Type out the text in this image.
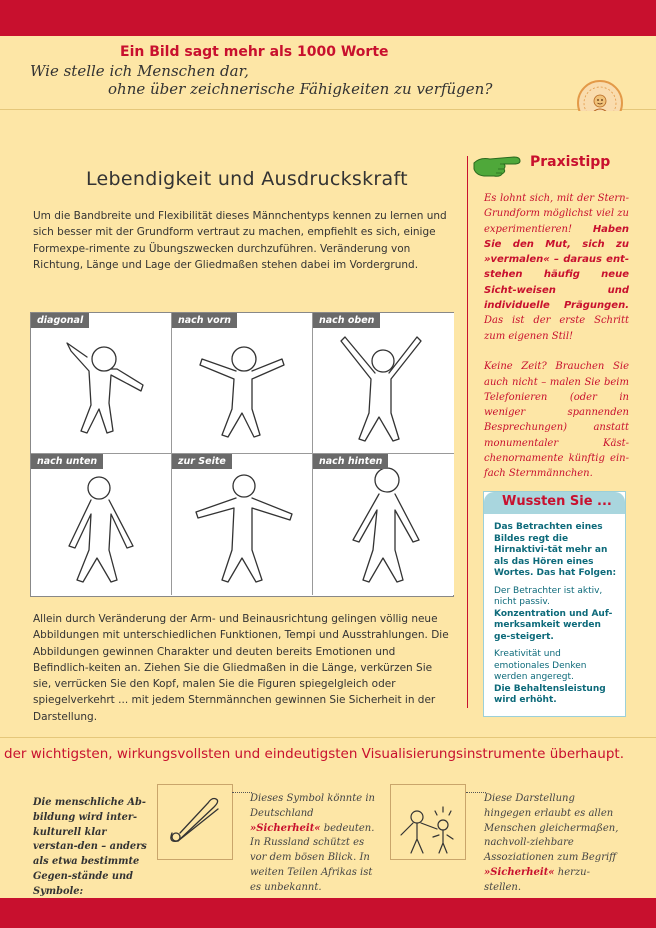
Ein Bild sagt mehr als 1000 Worte
Wie stelle ich Menschen dar,
ohne über zeichnerische Fähigkeiten zu verfügen?
Lebendigkeit und Ausdruckskraft
Um die Bandbreite und Flexibilität dieses Männchentyps kennen zu lernen und sich besser mit der Grundform vertraut zu machen, empfiehlt es sich, einige Formexpe-rimente zu Übungszwecken durchzuführen. Veränderung von Richtung, Länge und Lage der Gliedmaßen stehen dabei im Vordergrund.
diagonal	nach vorn	nach oben
nach unten	zur Seite	nach hinten
Allein durch Veränderung der Arm- und Beinausrichtung gelingen völlig neue Abbildungen mit unterschiedlichen Funktionen, Tempi und Ausstrahlungen. Die Abbildungen gewinnen Charakter und deuten bereits Emotionen und Befindlich-keiten an. Ziehen Sie die Gliedmaßen in die Länge, verkürzen Sie sie, verrücken Sie den Kopf, malen Sie die Figuren spiegelgleich oder spiegelverkehrt ... mit jedem Sternmännchen gewinnen Sie Sicherheit in der Darstellung.
Praxistipp
Es lohnt sich, mit der Stern-Grundform möglichst viel zu experimentieren! Haben Sie den Mut, sich zu »vermalen« – daraus ent-stehen häufig neue Sicht-weisen und individuelle Prägungen. Das ist der erste Schritt zum eigenen Stil!

Keine Zeit? Brauchen Sie auch nicht – malen Sie beim Telefonieren (oder in weniger spannenden Besprechungen) anstatt monumentaler Käst-chenornamente künftig ein-fach Sternmännchen.
Wussten Sie ...

Das Betrachten eines Bildes regt die Hirnaktivi-tät mehr an als das Hören eines Wortes. Das hat Folgen:

Der Betrachter ist aktiv, nicht passiv.
Konzentration und Auf-merksamkeit werden ge-steigert.

Kreativität und emotionales Denken werden angeregt.
Die Behaltensleistung wird erhöht.

der wichtigsten, wirkungsvollsten und eindeutigsten Visualisierungsinstrumente überhaupt.
Die menschliche Ab-bildung wird inter-kulturell klar verstan-den – anders als etwa bestimmte Gegen-stände und Symbole:
Dieses Symbol könnte in Deutschland »Sicherheit« bedeuten. In Russland schützt es vor dem bösen Blick. In weiten Teilen Afrikas ist es unbekannt.
Diese Darstellung hingegen erlaubt es allen Menschen gleichermaßen, nachvoll-ziehbare Assoziationen zum Begriff »Sicherheit« herzu-stellen.
